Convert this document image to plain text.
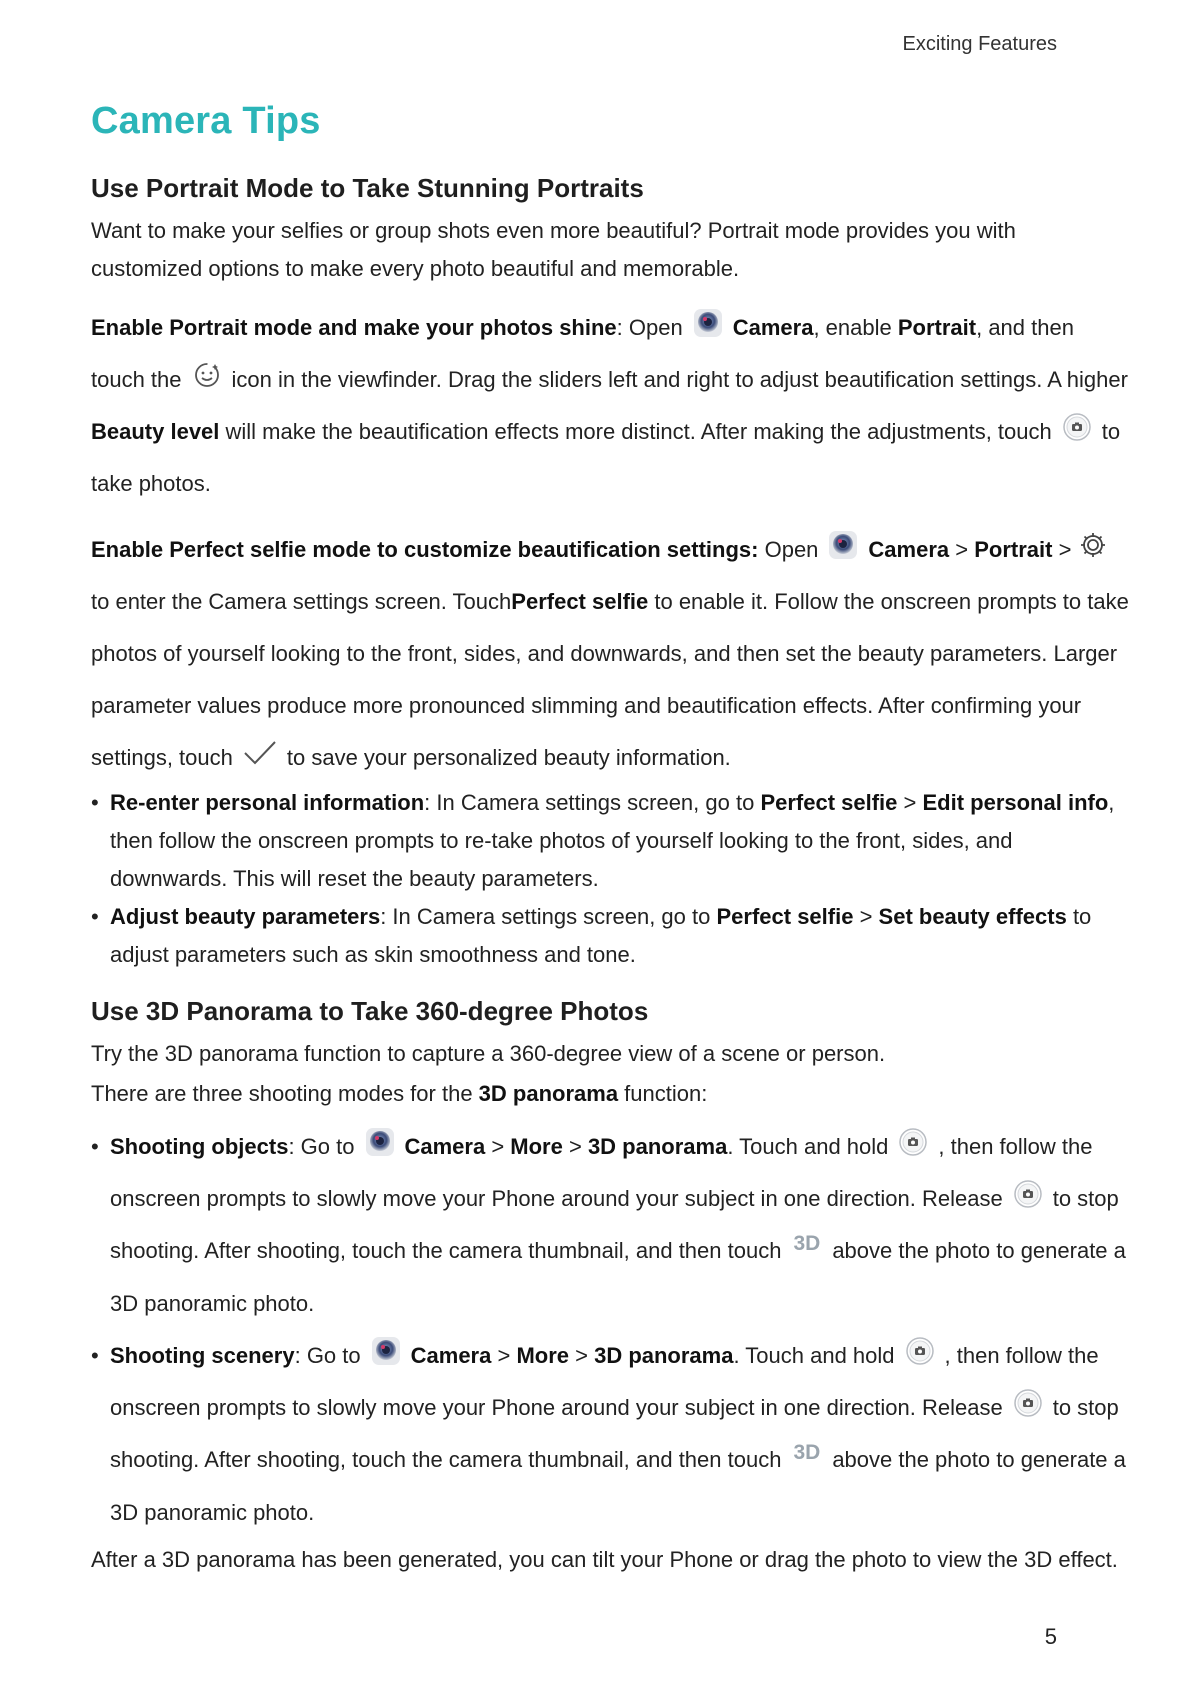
Exciting Features
Camera Tips
Use Portrait Mode to Take Stunning Portraits

Want to make your selfies or group shots even more beautiful? Portrait mode provides you with customized options to make every photo beautiful and memorable.

Enable Portrait mode and make your photos shine: Open Camera, enable Portrait, and then touch the icon in the viewfinder. Drag the sliders left and right to adjust beautification settings. A higher Beauty level will make the beautification effects more distinct. After making the adjustments, touch to take photos.

Enable Perfect selfie mode to customize beautification settings: Open Camera > Portrait >
to enter the Camera settings screen. TouchPerfect selfie to enable it. Follow the onscreen prompts to take photos of yourself looking to the front, sides, and downwards, and then set the beauty parameters. Larger parameter values produce more pronounced slimming and beautification effects. After confirming your settings, touch to save your personalized beauty information.

• Re-enter personal information: In Camera settings screen, go to Perfect selfie > Edit personal info, then follow the onscreen prompts to re-take photos of yourself looking to the front, sides, and downwards. This will reset the beauty parameters.
• Adjust beauty parameters: In Camera settings screen, go to Perfect selfie > Set beauty effects to adjust parameters such as skin smoothness and tone.
Use 3D Panorama to Take 360-degree Photos

Try the 3D panorama function to capture a 360-degree view of a scene or person.

There are three shooting modes for the 3D panorama function:

• Shooting objects: Go to Camera > More > 3D panorama. Touch and hold , then follow the onscreen prompts to slowly move your Phone around your subject in one direction. Release to stop shooting. After shooting, touch the camera thumbnail, and then touch 3D above the photo to generate a 3D panoramic photo.
• Shooting scenery: Go to Camera > More > 3D panorama. Touch and hold , then follow the onscreen prompts to slowly move your Phone around your subject in one direction. Release to stop shooting. After shooting, touch the camera thumbnail, and then touch 3D above the photo to generate a 3D panoramic photo.

After a 3D panorama has been generated, you can tilt your Phone or drag the photo to view the 3D effect.

5
